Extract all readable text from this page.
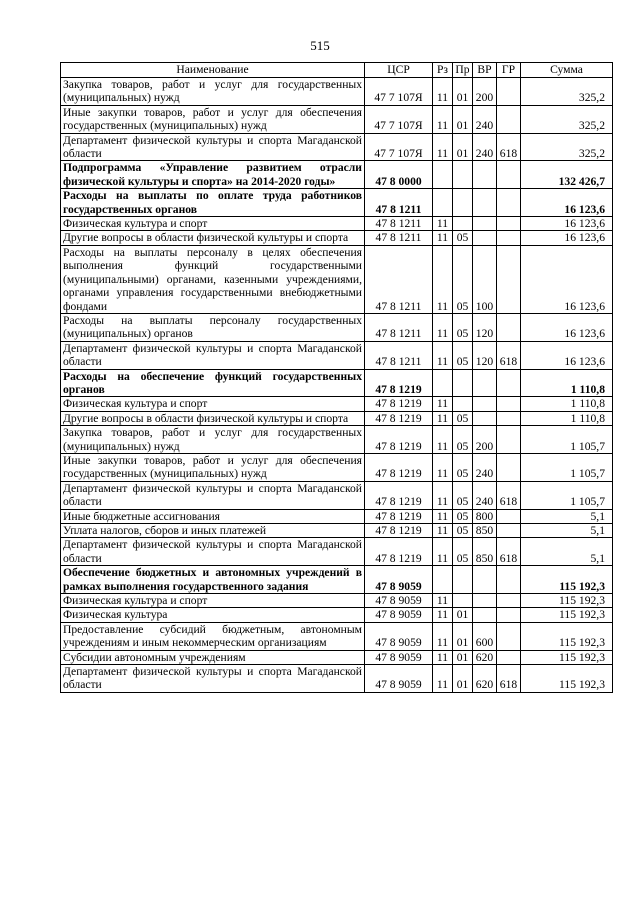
515
Наименование	ЦСР	Рз	Пр	ВР	ГР	Сумма
Закупка товаров, работ и услуг для государственных (муниципальных) нужд	47 7 107Я	11	01	200		325,2
Иные закупки товаров, работ и услуг для обеспечения государственных (муниципальных) нужд	47 7 107Я	11	01	240		325,2
Департамент физической культуры и спорта Магаданской области	47 7 107Я	11	01	240	618	325,2
Подпрограмма «Управление развитием отрасли физической культуры и спорта» на 2014-2020 годы»	47 8 0000					132 426,7
Расходы на выплаты по оплате труда работников государственных органов	47 8 1211					16 123,6
Физическая культура и спорт	47 8 1211	11				16 123,6
Другие вопросы в области физической культуры и спорта	47 8 1211	11	05			16 123,6
Расходы на выплаты персоналу в целях обеспечения выполнения функций государственными (муниципальными) органами, казенными учреждениями, органами управления государственными внебюджетными фондами	47 8 1211	11	05	100		16 123,6
Расходы на выплаты персоналу государственных (муниципальных) органов	47 8 1211	11	05	120		16 123,6
Департамент физической культуры и спорта Магаданской области	47 8 1211	11	05	120	618	16 123,6
Расходы на обеспечение функций государственных органов	47 8 1219					1 110,8
Физическая культура и спорт	47 8 1219	11				1 110,8
Другие вопросы в области физической культуры и спорта	47 8 1219	11	05			1 110,8
Закупка товаров, работ и услуг для государственных (муниципальных) нужд	47 8 1219	11	05	200		1 105,7
Иные закупки товаров, работ и услуг для обеспечения государственных (муниципальных) нужд	47 8 1219	11	05	240		1 105,7
Департамент физической культуры и спорта Магаданской области	47 8 1219	11	05	240	618	1 105,7
Иные бюджетные ассигнования	47 8 1219	11	05	800		5,1
Уплата налогов, сборов и иных платежей	47 8 1219	11	05	850		5,1
Департамент физической культуры и спорта Магаданской области	47 8 1219	11	05	850	618	5,1
Обеспечение бюджетных и автономных учреждений в рамках выполнения государственного задания	47 8 9059					115 192,3
Физическая культура и спорт	47 8 9059	11				115 192,3
Физическая культура	47 8 9059	11	01			115 192,3
Предоставление субсидий бюджетным, автономным учреждениям и иным некоммерческим организациям	47 8 9059	11	01	600		115 192,3
Субсидии автономным учреждениям	47 8 9059	11	01	620		115 192,3
Департамент физической культуры и спорта Магаданской области	47 8 9059	11	01	620	618	115 192,3
